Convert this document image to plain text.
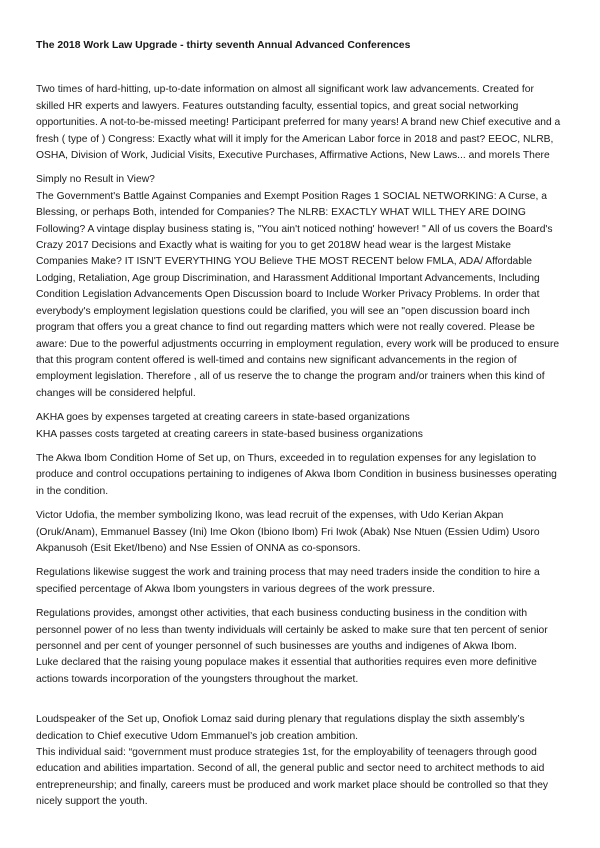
The 2018 Work Law Upgrade - thirty seventh Annual Advanced Conferences

Two times of hard-hitting, up-to-date information on almost all significant work law advancements. Created for skilled HR experts and lawyers. Features outstanding faculty, essential topics, and great social networking opportunities. A not-to-be-missed meeting! Participant preferred for many years! A brand new Chief executive and a fresh ( type of ) Congress: Exactly what will it imply for the American Labor force in 2018 and past? EEOC, NLRB, OSHA, Division of Work, Judicial Visits, Executive Purchases, Affirmative Actions, New Laws... and moreIs There

Simply no Result in View?

The Government's Battle Against Companies and Exempt Position Rages 1 SOCIAL NETWORKING: A Curse, a Blessing, or perhaps Both, intended for Companies? The NLRB: EXACTLY WHAT WILL THEY ARE DOING Following? A vintage display business stating is, "You ain't noticed nothing' however! " All of us covers the Board's Crazy 2017 Decisions and Exactly what is waiting for you to get 2018W head wear is the largest Mistake Companies Make? IT ISN'T EVERYTHING YOU Believe THE MOST RECENT below FMLA, ADA/ Affordable Lodging, Retaliation, Age group Discrimination, and Harassment Additional Important Advancements, Including Condition Legislation Advancements Open Discussion board to Include Worker Privacy Problems. In order that everybody's employment legislation questions could be clarified, you will see an "open discussion board inch program that offers you a great chance to find out regarding matters which were not really covered. Please be aware: Due to the powerful adjustments occurring in employment regulation, every work will be produced to ensure that this program content offered is well-timed and contains new significant advancements in the region of employment legislation. Therefore , all of us reserve the to change the program and/or trainers when this kind of changes will be considered helpful.

AKHA goes by expenses targeted at creating careers in state-based organizations

KHA passes costs targeted at creating careers in state-based business organizations

The Akwa Ibom Condition Home of Set up, on Thurs, exceeded in to regulation expenses for any legislation to produce and control occupations pertaining to indigenes of Akwa Ibom Condition in business businesses operating in the condition.

Victor Udofia, the member symbolizing Ikono, was lead recruit of the expenses, with Udo Kerian Akpan (Oruk/Anam), Emmanuel Bassey (Ini) Ime Okon (Ibiono Ibom) Fri Iwok (Abak) Nse Ntuen (Essien Udim) Usoro Akpanusoh (Esit Eket/Ibeno) and Nse Essien of ONNA as co-sponsors.

Regulations likewise suggest the work and training process that may need traders inside the condition to hire a specified percentage of Akwa Ibom youngsters in various degrees of the work pressure.

Regulations provides, amongst other activities, that each business conducting business in the condition with personnel power of no less than twenty individuals will certainly be asked to make sure that ten percent of senior personnel and per cent of younger personnel of such businesses are youths and indigenes of Akwa Ibom.

Luke declared that the raising young populace makes it essential that authorities requires even more definitive actions towards incorporation of the youngsters throughout the market.

Loudspeaker of the Set up, Onofiok Lomaz said during plenary that regulations display the sixth assembly’s dedication to Chief executive Udom Emmanuel’s job creation ambition.

This individual said: “government must produce strategies 1st, for the employability of teenagers through good education and abilities impartation. Second of all, the general public and sector need to architect methods to aid entrepreneurship; and finally, careers must be produced and work market place should be controlled so that they nicely support the youth.
